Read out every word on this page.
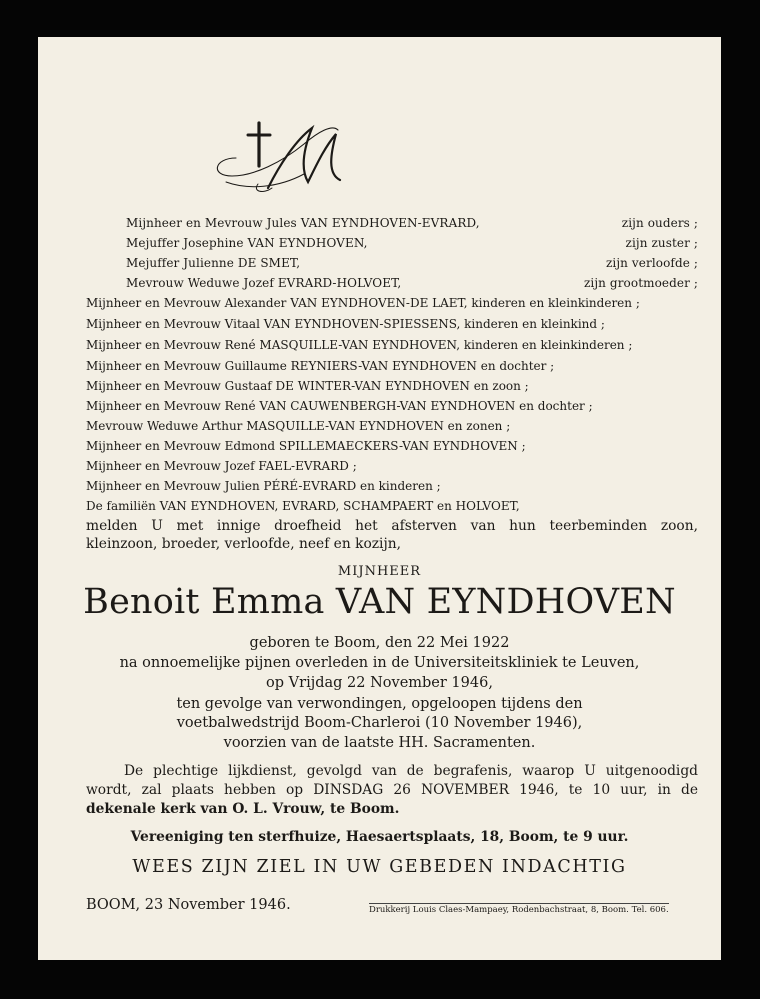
Mijnheer en Mevrouw Jules VAN EYNDHOVEN-EVRARD,	zijn ouders ;
Mejuffer Josephine VAN EYNDHOVEN,	zijn zuster ;
Mejuffer Julienne DE SMET,	zijn verloofde ;
Mevrouw Weduwe Jozef EVRARD-HOLVOET,	zijn grootmoeder ;
Mijnheer en Mevrouw Alexander VAN EYNDHOVEN-DE LAET, kinderen en kleinkinderen ;
Mijnheer en Mevrouw Vitaal VAN EYNDHOVEN-SPIESSENS, kinderen en kleinkind ;
Mijnheer en Mevrouw René MASQUILLE-VAN EYNDHOVEN, kinderen en kleinkinderen ;
Mijnheer en Mevrouw Guillaume REYNIERS-VAN EYNDHOVEN en dochter ;
Mijnheer en Mevrouw Gustaaf DE WINTER-VAN EYNDHOVEN en zoon ;
Mijnheer en Mevrouw René VAN CAUWENBERGH-VAN EYNDHOVEN en dochter ;
Mevrouw Weduwe Arthur MASQUILLE-VAN EYNDHOVEN en zonen ;
Mijnheer en Mevrouw Edmond SPILLEMAECKERS-VAN EYNDHOVEN ;
Mijnheer en Mevrouw Jozef FAEL-EVRARD ;
Mijnheer en Mevrouw Julien PÉRÉ-EVRARD en kinderen ;
De familiën VAN EYNDHOVEN, EVRARD, SCHAMPAERT en HOLVOET,
melden U met innige droefheid het afsterven van hun teerbeminden zoon,
kleinzoon, broeder, verloofde, neef en kozijn,
MIJNHEER
Benoit Emma VAN EYNDHOVEN
geboren te Boom, den 22 Mei 1922
na onnoemelijke pijnen overleden in de Universiteitskliniek te Leuven,
op Vrijdag 22 November 1946,
ten gevolge van verwondingen, opgeloopen tijdens den
voetbalwedstrijd Boom-Charleroi (10 November 1946),
voorzien van de laatste HH. Sacramenten.
De plechtige lijkdienst, gevolgd van de begrafenis, waarop U uitgenoodigd
wordt, zal plaats hebben op DINSDAG 26 NOVEMBER 1946, te 10 uur, in de
dekenale kerk van O. L. Vrouw, te Boom.
Vereeniging ten sterfhuize, Haesaertsplaats, 18, Boom, te 9 uur.
WEES ZIJN ZIEL IN UW GEBEDEN INDACHTIG
BOOM, 23 November 1946.	Drukkerij Louis Claes-Mampaey, Rodenbachstraat, 8, Boom. Tel. 606.
